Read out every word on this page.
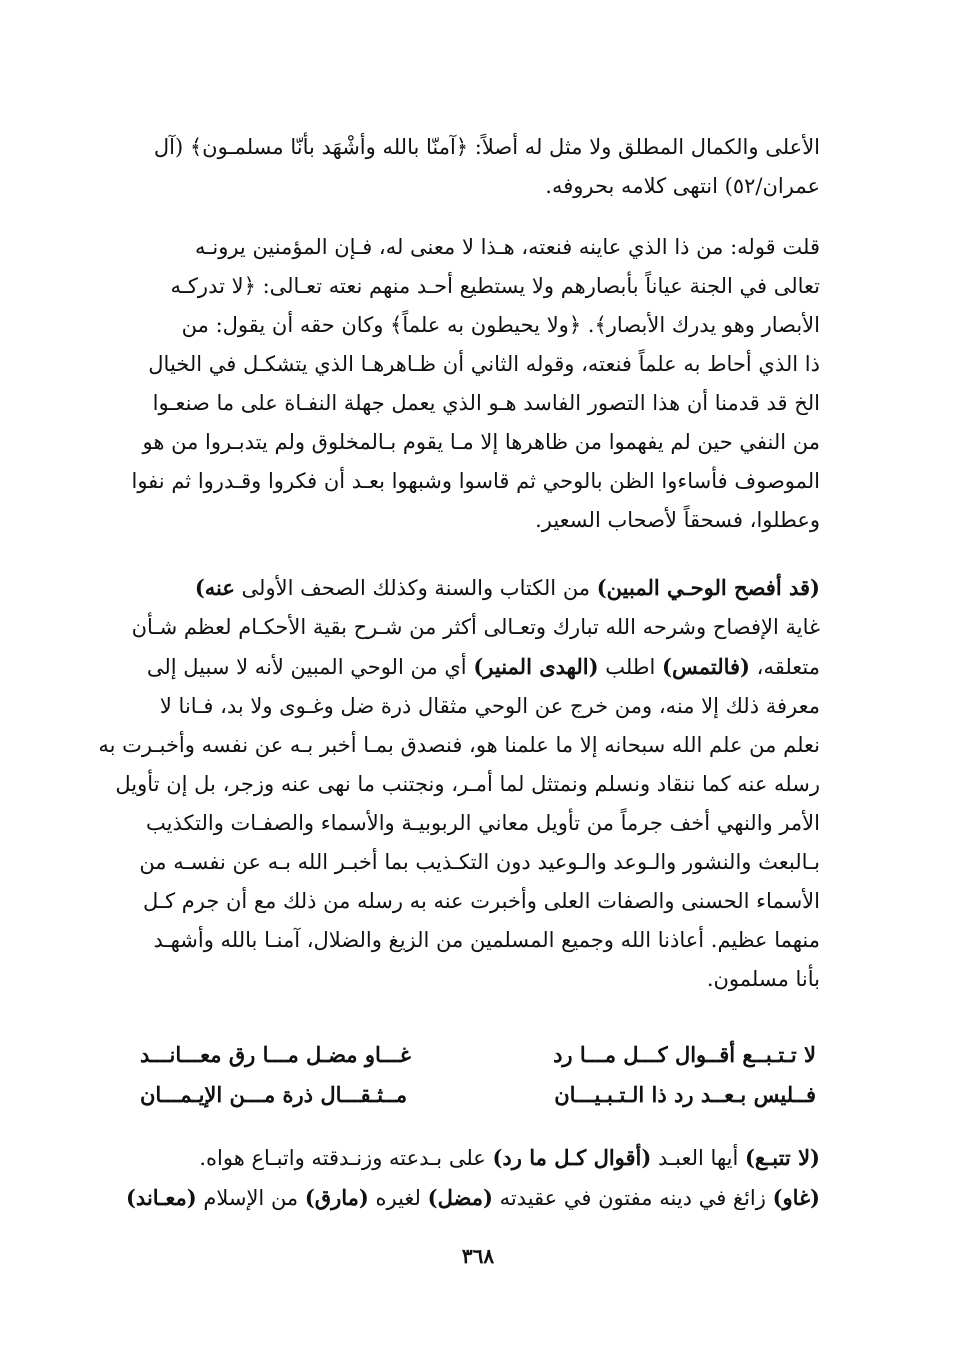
الأعلى والكمال المطلق ولا مثل له أصلاً: ﴿آمنّا بالله وأشْهَد بأنّا مسلمـون﴾ (آل
عمران/٥٢) انتهى كلامه بحروفه.
قلت قوله: من ذا الذي عاينه فنعته، هـذا لا معنى له، فـإن المؤمنين يرونـه
تعالى في الجنة عياناً بأبصارهم ولا يستطيع أحـد منهم نعته تعـالى: ﴿لا تدركـه
الأبصار وهو يدرك الأبصار﴾. ﴿ولا يحيطون به علماً﴾ وكان حقه أن يقول: من
ذا الذي أحاط به علماً فنعته، وقوله الثاني أن ظـاهرهـا الذي يتشكـل في الخيال
الخ قد قدمنا أن هذا التصور الفاسد هـو الذي يعمل جهلة النفـاة على ما صنعـوا
من النفي حين لم يفهموا من ظاهرها إلا مـا يقوم بـالمخلوق ولم يتدبـروا من هو
الموصوف فأساءوا الظن بالوحي ثم قاسوا وشبهوا بعـد أن فكروا وقـدروا ثم نفوا
وعطلوا، فسحقاً لأصحاب السعير.
(قد أفصح الوحـي المبين) من الكتاب والسنة وكذلك الصحف الأولى عنه)
غاية الإفصاح وشرحه الله تبارك وتعـالى أكثر من شـرح بقية الأحكـام لعظم شـأن
متعلقه، (فالتمس) اطلب (الهدى المنير) أي من الوحي المبين لأنه لا سبيل إلى
معرفة ذلك إلا منه، ومن خرج عن الوحي مثقال ذرة ضل وغـوى ولا بد، فـانا لا
نعلم من علم الله سبحانه إلا ما علمنا هو، فنصدق بمـا أخبر بـه عن نفسه وأخبـرت به
رسله عنه كما ننقاد ونسلم ونمتثل لما أمـر، ونجتنب ما نهى عنه وزجر، بل إن تأويل
الأمر والنهي أخف جرماً من تأويل معاني الربوبيـة والأسماء والصفـات والتكذيب
بـالبعث والنشور والـوعد والـوعيد دون التكـذيب بما أخبـر الله بـه عن نفسـه من
الأسماء الحسنى والصفات العلى وأخبرت عنه به رسله من ذلك مع أن جرم كـل
منهما عظيم. أعاذنا الله وجميع المسلمين من الزيغ والضلال، آمنـا بالله وأشهـد
بأنا مسلمون.
لا تـتـبــع أقــوال كـــل مـــا رد
غـــاو مضـل مـــا رق معـــانـــد
فــليس بـعــد رد ذا الـتـبـيـــان
مــثـقـــال ذرة مـــن الإيـمـــان
(لا تتبـع) أيها العبـد (أقوال كـل ما رد) على بـدعته وزنـدقته واتبـاع هواه.
(غاو) زائغ في دينه مفتون في عقيدته (مضل) لغيره (مارق) من الإسلام (معـاند)
٣٦٨
